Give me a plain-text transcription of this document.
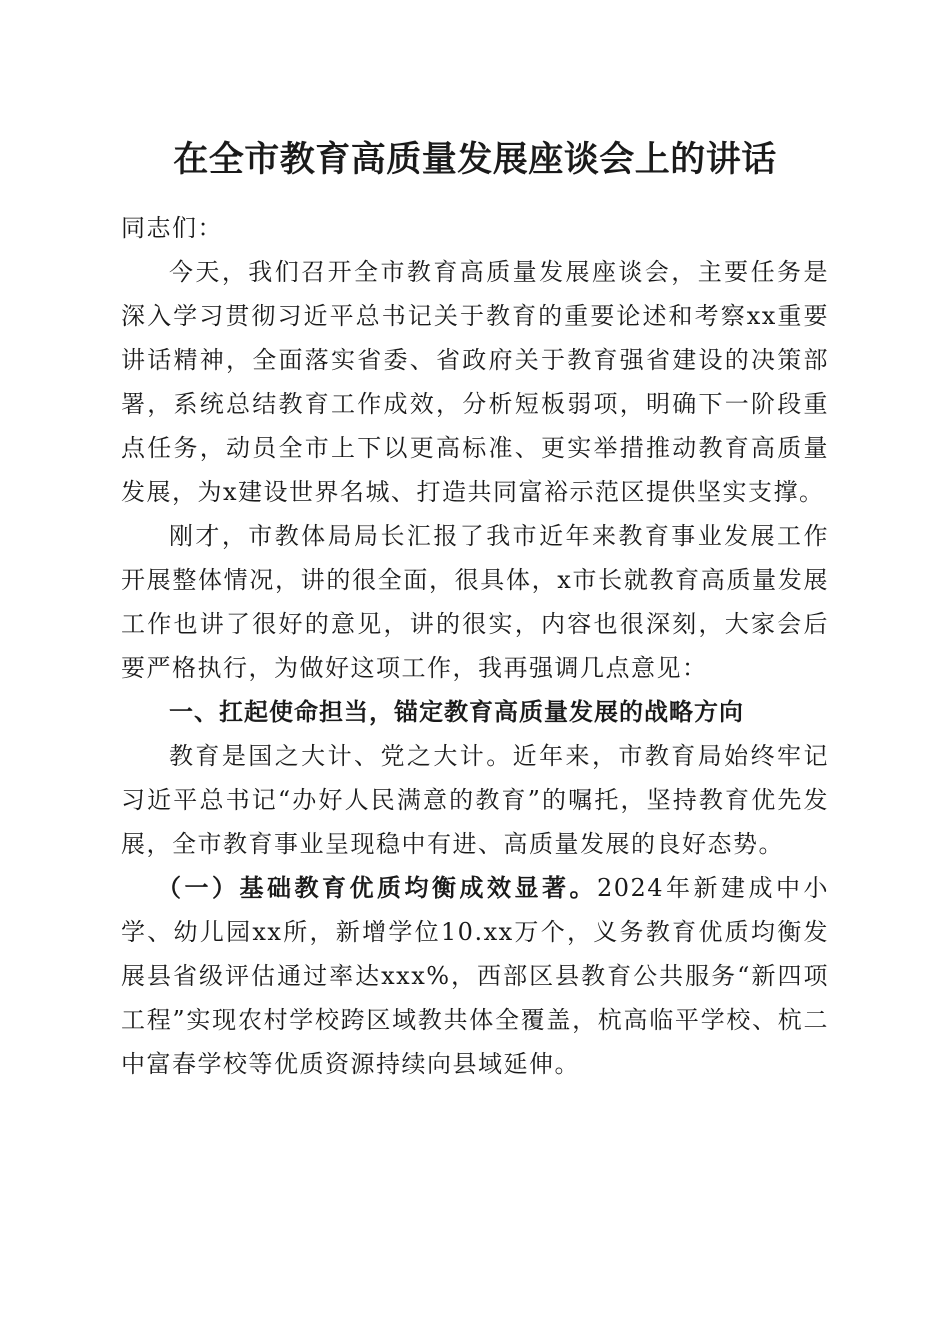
在全市教育高质量发展座谈会上的讲话

同志们：

今天，我们召开全市教育高质量发展座谈会，主要任务是深入学习贯彻习近平总书记关于教育的重要论述和考察xx重要讲话精神，全面落实省委、省政府关于教育强省建设的决策部署，系统总结教育工作成效，分析短板弱项，明确下一阶段重点任务，动员全市上下以更高标准、更实举措推动教育高质量发展，为x建设世界名城、打造共同富裕示范区提供坚实支撑。

刚才，市教体局局长汇报了我市近年来教育事业发展工作开展整体情况，讲的很全面，很具体，x市长就教育高质量发展工作也讲了很好的意见，讲的很实，内容也很深刻，大家会后要严格执行，为做好这项工作，我再强调几点意见：

一、扛起使命担当，锚定教育高质量发展的战略方向

教育是国之大计、党之大计。近年来，市教育局始终牢记习近平总书记“办好人民满意的教育”的嘱托，坚持教育优先发展，全市教育事业呈现稳中有进、高质量发展的良好态势。

（一）基础教育优质均衡成效显著。2024年新建成中小学、幼儿园xx所，新增学位10.xx万个，义务教育优质均衡发展县省级评估通过率达xxx%，西部区县教育公共服务“新四项工程”实现农村学校跨区域教共体全覆盖，杭高临平学校、杭二中富春学校等优质资源持续向县域延伸。
